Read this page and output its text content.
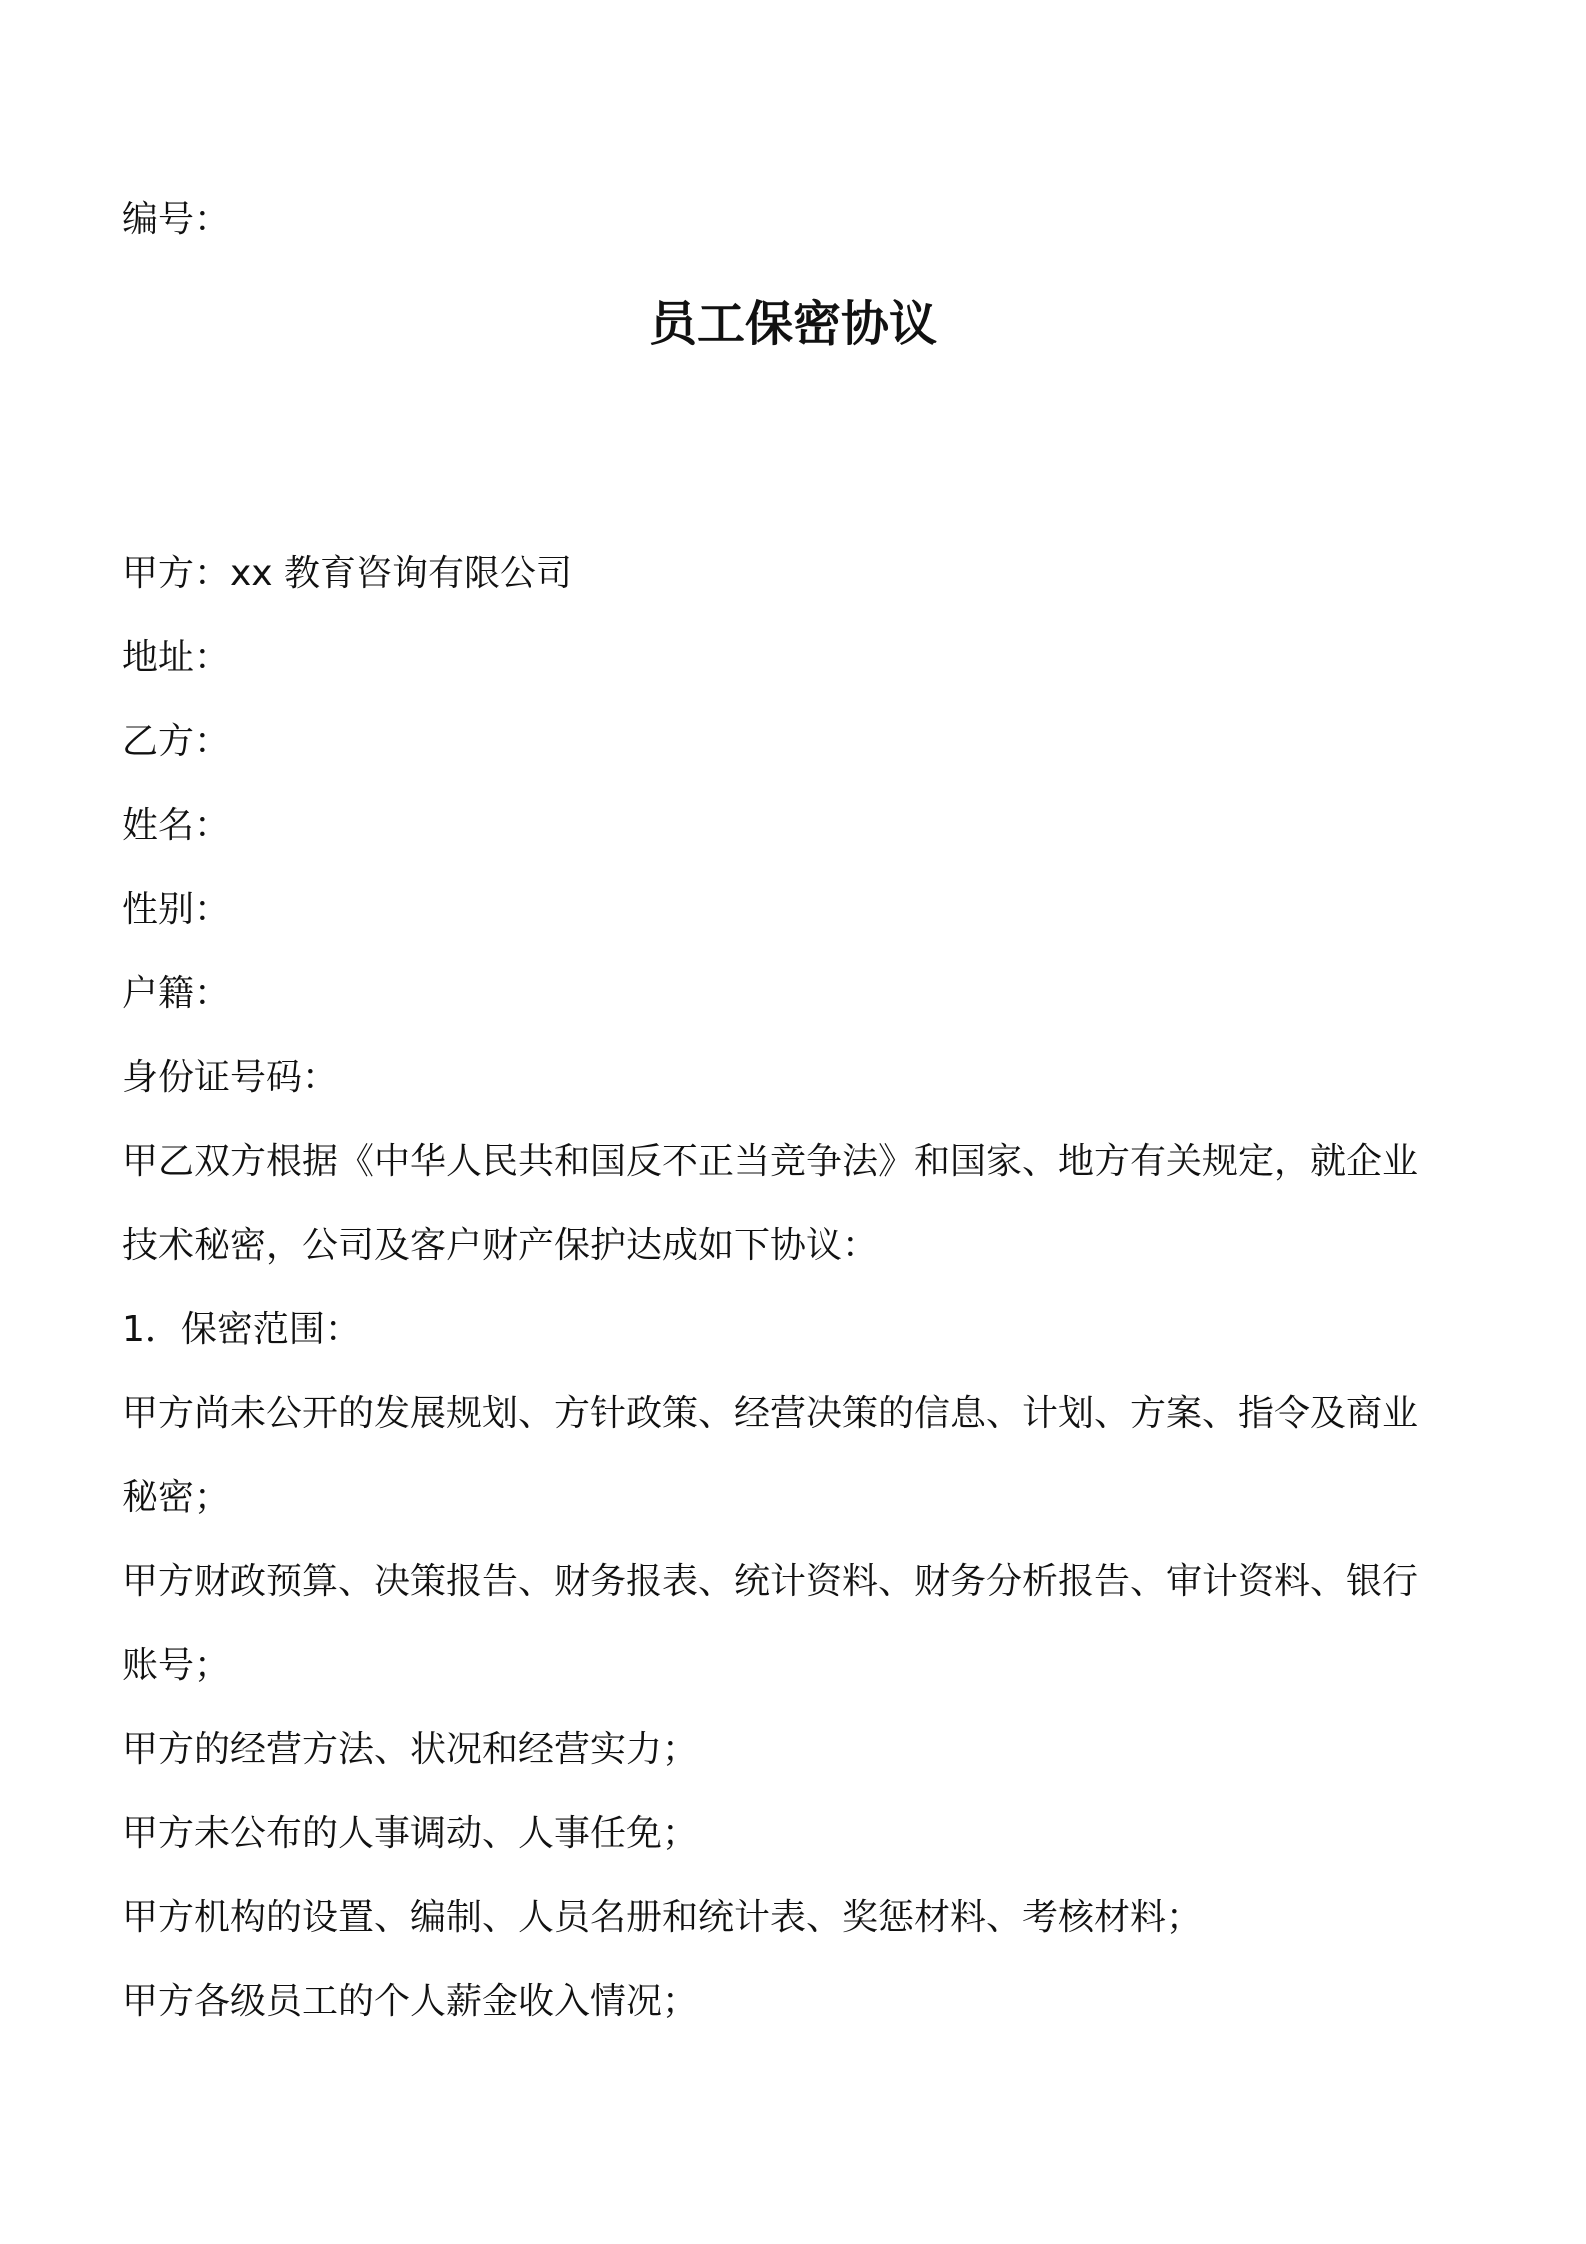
编号：
员工保密协议
甲方：xx 教育咨询有限公司
地址：
乙方：
姓名：
性别：
户籍：
身份证号码：
甲乙双方根据《中华人民共和国反不正当竞争法》和国家、地方有关规定，就企业
技术秘密，公司及客户财产保护达成如下协议：
1．保密范围：
甲方尚未公开的发展规划、方针政策、经营决策的信息、计划、方案、指令及商业
秘密；
甲方财政预算、决策报告、财务报表、统计资料、财务分析报告、审计资料、银行
账号；
甲方的经营方法、状况和经营实力；
甲方未公布的人事调动、人事任免；
甲方机构的设置、编制、人员名册和统计表、奖惩材料、考核材料；
甲方各级员工的个人薪金收入情况；
